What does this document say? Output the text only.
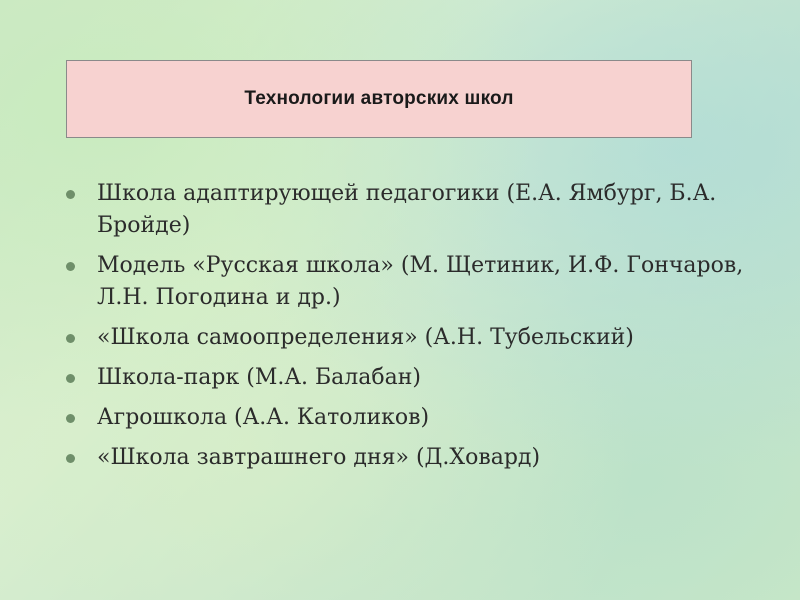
Технологии авторских школ
Школа адаптирующей педагогики (Е.А. Ямбург, Б.А. Бройде)
Модель «Русская школа» (М. Щетиник, И.Ф. Гончаров, Л.Н. Погодина и др.)
«Школа самоопределения» (А.Н. Тубельский)
Школа-парк (М.А. Балабан)
Агрошкола (А.А. Католиков)
«Школа завтрашнего дня» (Д.Ховард)
